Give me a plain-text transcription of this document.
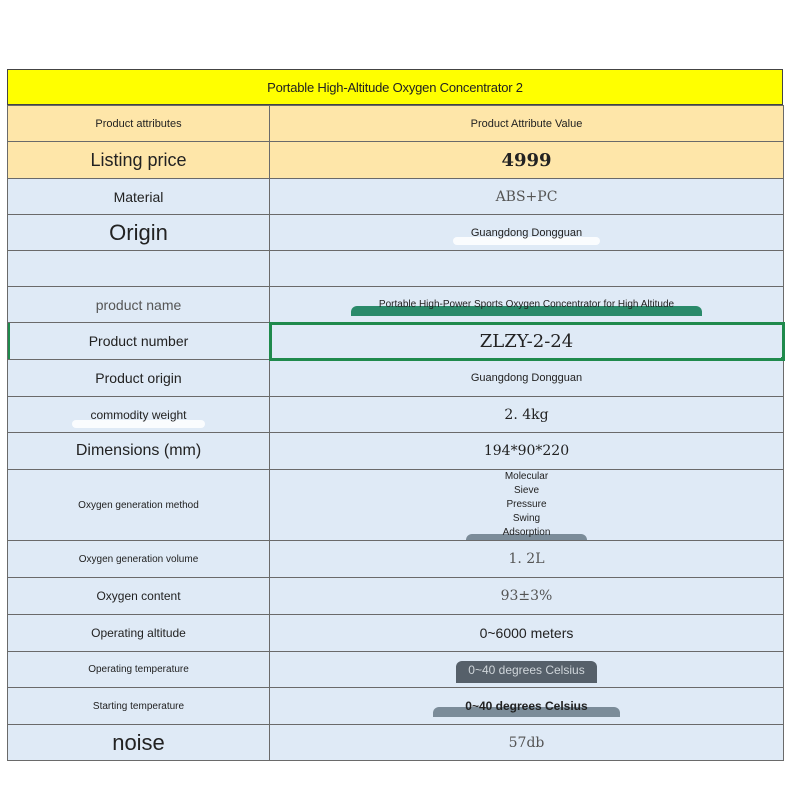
Portable High-Altitude Oxygen Concentrator 2
Product attributes	Product Attribute Value
Listing price	4999
Material	ABS+PC
Origin	Guangdong Dongguan

product name	Portable High-Power Sports Oxygen Concentrator for High Altitude
Product number	ZLZY-2-24

Product origin	Guangdong Dongguan
commodity weight	2. 4kg
Dimensions (mm)	194*90*220
Oxygen generation method	Molecular Sieve Pressure Swing Adsorption
Oxygen generation volume	1. 2L
Oxygen content	93±3%
Operating altitude	0~6000 meters
Operating temperature	0~40 degrees Celsius
Starting temperature	0~40 degrees Celsius
noise	57db
